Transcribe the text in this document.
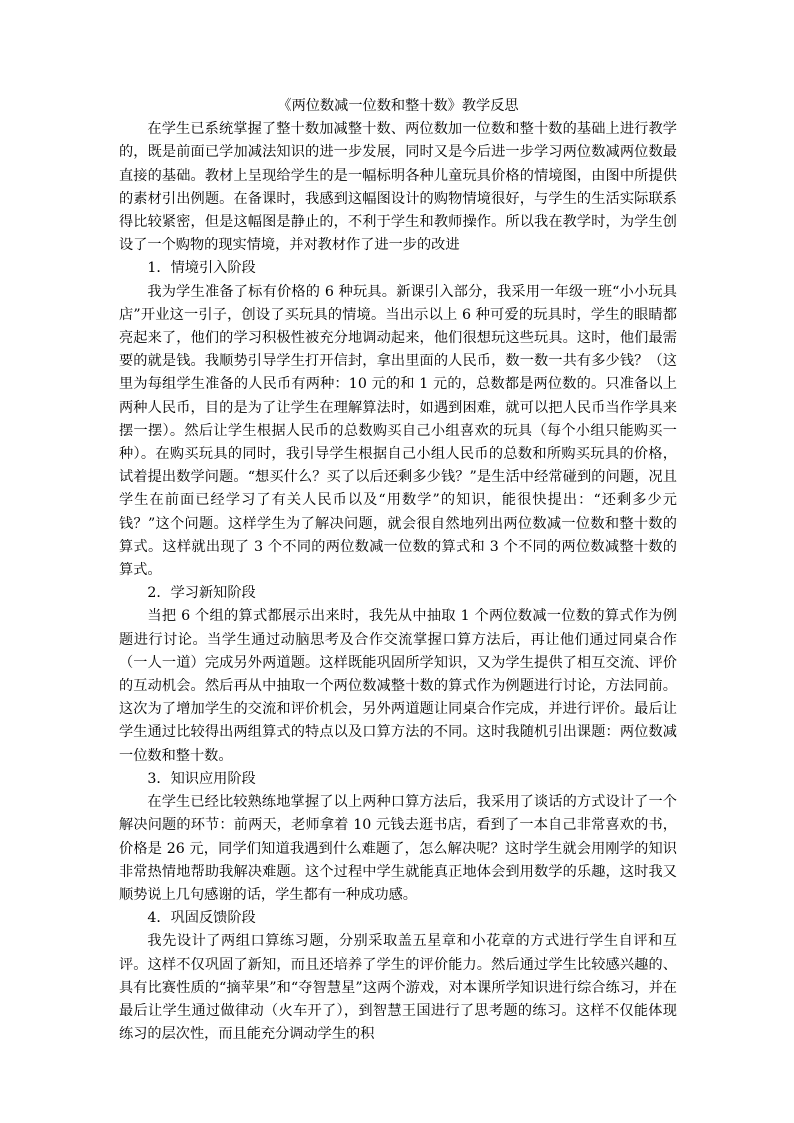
《两位数减一位数和整十数》教学反思

在学生已系统掌握了整十数加减整十数、两位数加一位数和整十数的基础上进行教学的，既是前面已学加减法知识的进一步发展，同时又是今后进一步学习两位数减两位数最直接的基础。教材上呈现给学生的是一幅标明各种儿童玩具价格的情境图，由图中所提供的素材引出例题。在备课时，我感到这幅图设计的购物情境很好，与学生的生活实际联系得比较紧密，但是这幅图是静止的，不利于学生和教师操作。所以我在教学时，为学生创设了一个购物的现实情境，并对教材作了进一步的改进

1．情境引入阶段

我为学生准备了标有价格的 6 种玩具。新课引入部分，我采用一年级一班“小小玩具店”开业这一引子，创设了买玩具的情境。当出示以上 6 种可爱的玩具时，学生的眼睛都亮起来了，他们的学习积极性被充分地调动起来，他们很想玩这些玩具。这时，他们最需要的就是钱。我顺势引导学生打开信封，拿出里面的人民币，数一数一共有多少钱？（这里为每组学生准备的人民币有两种：10 元的和 1 元的，总数都是两位数的。只准备以上两种人民币，目的是为了让学生在理解算法时，如遇到困难，就可以把人民币当作学具来摆一摆）。然后让学生根据人民币的总数购买自己小组喜欢的玩具（每个小组只能购买一种）。在购买玩具的同时，我引导学生根据自己小组人民币的总数和所购买玩具的价格，试着提出数学问题。“想买什么？买了以后还剩多少钱？”是生活中经常碰到的问题，况且学生在前面已经学习了有关人民币以及“用数学”的知识，能很快提出：“还剩多少元钱？”这个问题。这样学生为了解决问题，就会很自然地列出两位数减一位数和整十数的算式。这样就出现了 3 个不同的两位数减一位数的算式和 3 个不同的两位数减整十数的算式。

2．学习新知阶段

当把 6 个组的算式都展示出来时，我先从中抽取 1 个两位数减一位数的算式作为例题进行讨论。当学生通过动脑思考及合作交流掌握口算方法后，再让他们通过同桌合作（一人一道）完成另外两道题。这样既能巩固所学知识，又为学生提供了相互交流、评价的互动机会。然后再从中抽取一个两位数减整十数的算式作为例题进行讨论，方法同前。这次为了增加学生的交流和评价机会，另外两道题让同桌合作完成，并进行评价。最后让学生通过比较得出两组算式的特点以及口算方法的不同。这时我随机引出课题：两位数减一位数和整十数。

3．知识应用阶段

在学生已经比较熟练地掌握了以上两种口算方法后，我采用了谈话的方式设计了一个解决问题的环节：前两天，老师拿着 10 元钱去逛书店，看到了一本自己非常喜欢的书，价格是 26 元，同学们知道我遇到什么难题了，怎么解决呢？这时学生就会用刚学的知识非常热情地帮助我解决难题。这个过程中学生就能真正地体会到用数学的乐趣，这时我又顺势说上几句感谢的话，学生都有一种成功感。

4．巩固反馈阶段

我先设计了两组口算练习题，分别采取盖五星章和小花章的方式进行学生自评和互评。这样不仅巩固了新知，而且还培养了学生的评价能力。然后通过学生比较感兴趣的、具有比赛性质的“摘苹果”和“夺智慧星”这两个游戏，对本课所学知识进行综合练习，并在最后让学生通过做律动（火车开了），到智慧王国进行了思考题的练习。这样不仅能体现练习的层次性，而且能充分调动学生的积
